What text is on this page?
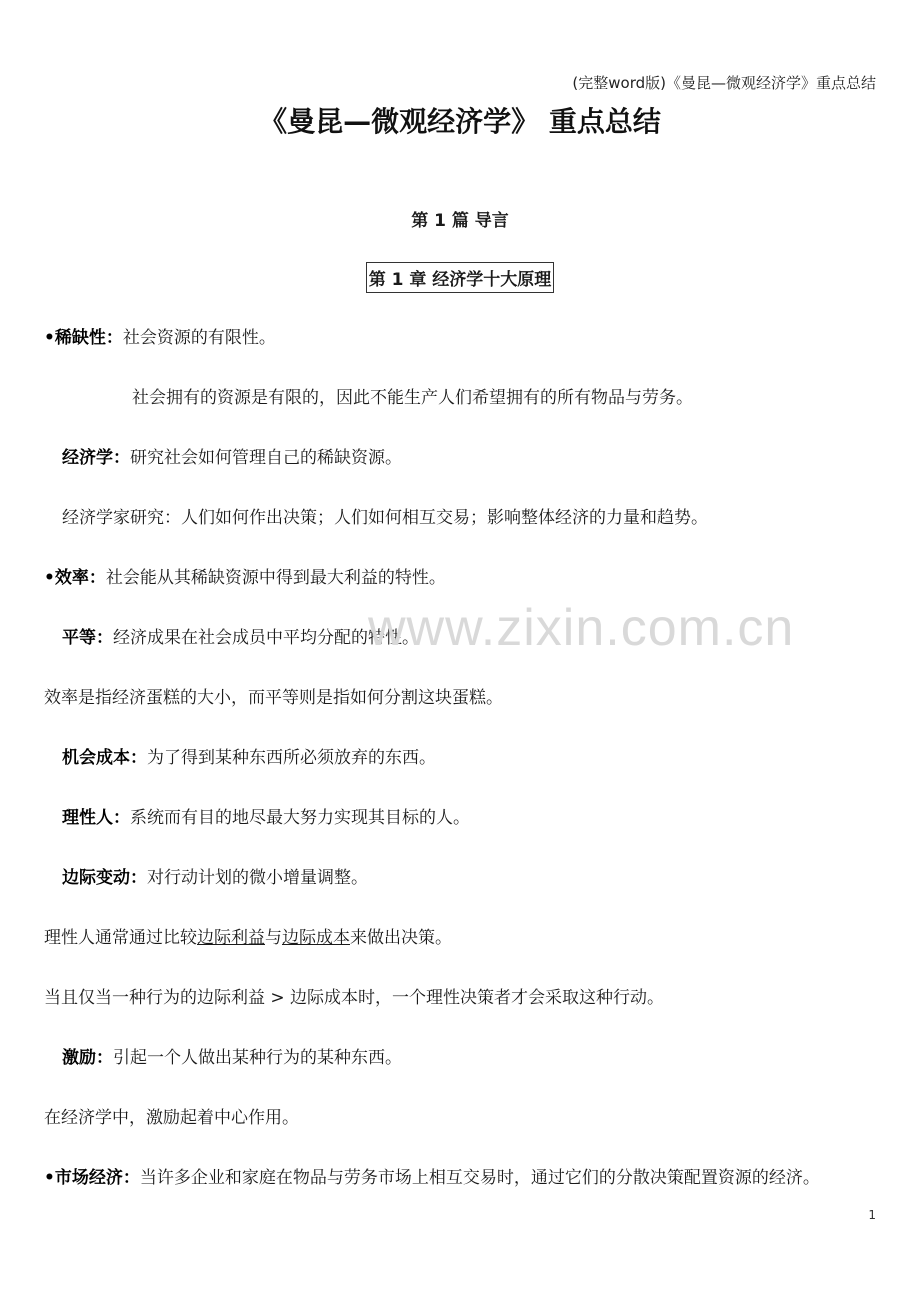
(完整word版)《曼昆—微观经济学》重点总结
《曼昆—微观经济学》 重点总结
第 1 篇 导言
第 1 章 经济学十大原理
•稀缺性：社会资源的有限性。
社会拥有的资源是有限的，因此不能生产人们希望拥有的所有物品与劳务。
经济学：研究社会如何管理自己的稀缺资源。
经济学家研究：人们如何作出决策；人们如何相互交易；影响整体经济的力量和趋势。
•效率：社会能从其稀缺资源中得到最大利益的特性。
平等：经济成果在社会成员中平均分配的特性。
www.zixin.com.cn
效率是指经济蛋糕的大小，而平等则是指如何分割这块蛋糕。
机会成本：为了得到某种东西所必须放弃的东西。
理性人：系统而有目的地尽最大努力实现其目标的人。
边际变动：对行动计划的微小增量调整。
理性人通常通过比较边际利益与边际成本来做出决策。
当且仅当一种行为的边际利益 > 边际成本时，一个理性决策者才会采取这种行动。
激励：引起一个人做出某种行为的某种东西。
在经济学中，激励起着中心作用。
•市场经济：当许多企业和家庭在物品与劳务市场上相互交易时，通过它们的分散决策配置资源的经济。
1
